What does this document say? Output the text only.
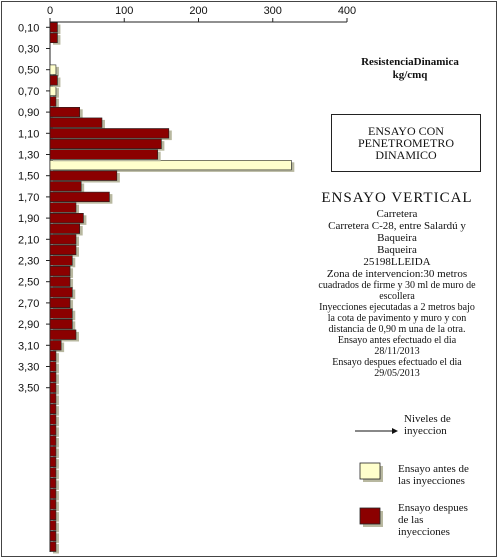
0	100	200	300	400
0,10
0,30
0,50
0,70
0,90
1,10
1,30
1,50
1,70
1,90
2,10
2,30
2,50
2,70
2,90
3,10
3,30
3,50
ResistenciaDinamica
kg/cmq
ENSAYO CON
PENETROMETRO
DINAMICO
ENSAYO VERTICAL

Carretera

Carretera C-28, entre Salardú y

Baqueira

Baqueira

25198LLEIDA

Zona de intervencion:30 metros

cuadrados de firme y 30 ml de muro de

escollera

Inyecciones ejecutadas a 2 metros bajo

la cota de pavimento y muro y con

distancia de 0,90 m una de la otra.

Ensayo antes efectuado el dia

28/11/2013

Ensayo despues efectuado el dia

29/05/2013

Niveles de
inyeccion
Ensayo antes de
las inyecciones
Ensayo despues
de las
inyecciones
